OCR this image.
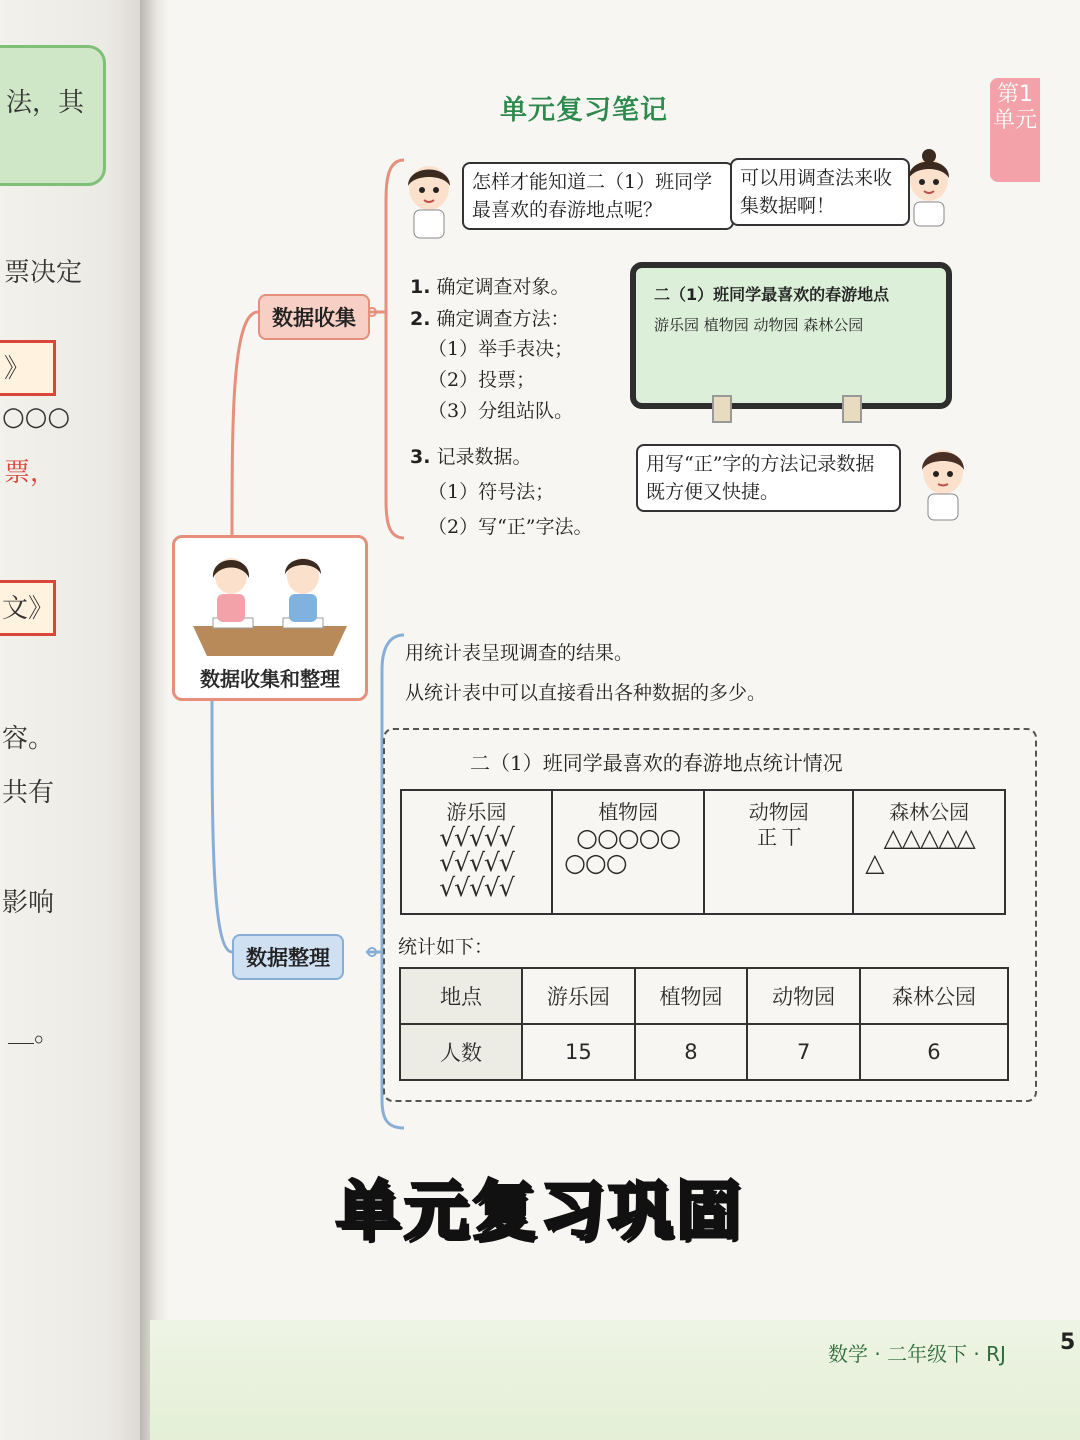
法，其
票决定
》
○○○
票，
文》
容。
共有
影响
＿。
单元复习笔记
第1单元
数据收集
怎样才能知道二（1）班同学最喜欢的春游地点呢？
可以用调查法来收集数据啊！
1. 确定调查对象。
2. 确定调查方法：
（1）举手表决；
（2）投票；
（3）分组站队。
3. 记录数据。
（1）符号法；
（2）写“正”字法。
二（1）班同学最喜欢的春游地点
游乐园 植物园 动物园 森林公园
用写“正”字的方法记录数据既方便又快捷。
数据收集和整理
数据整理
用统计表呈现调查的结果。
从统计表中可以直接看出各种数据的多少。
二（1）班同学最喜欢的春游地点统计情况
游乐园
√√√√√
√√√√√
√√√√√

植物园
○○○○○
○○○

动物园
正 丅

森林公园
△△△△△
△
统计如下：
地点	游乐园	植物园	动物园	森林公园
人数	15	8	7	6
数学 · 二年级下 · RJ 5
单元复习巩固
